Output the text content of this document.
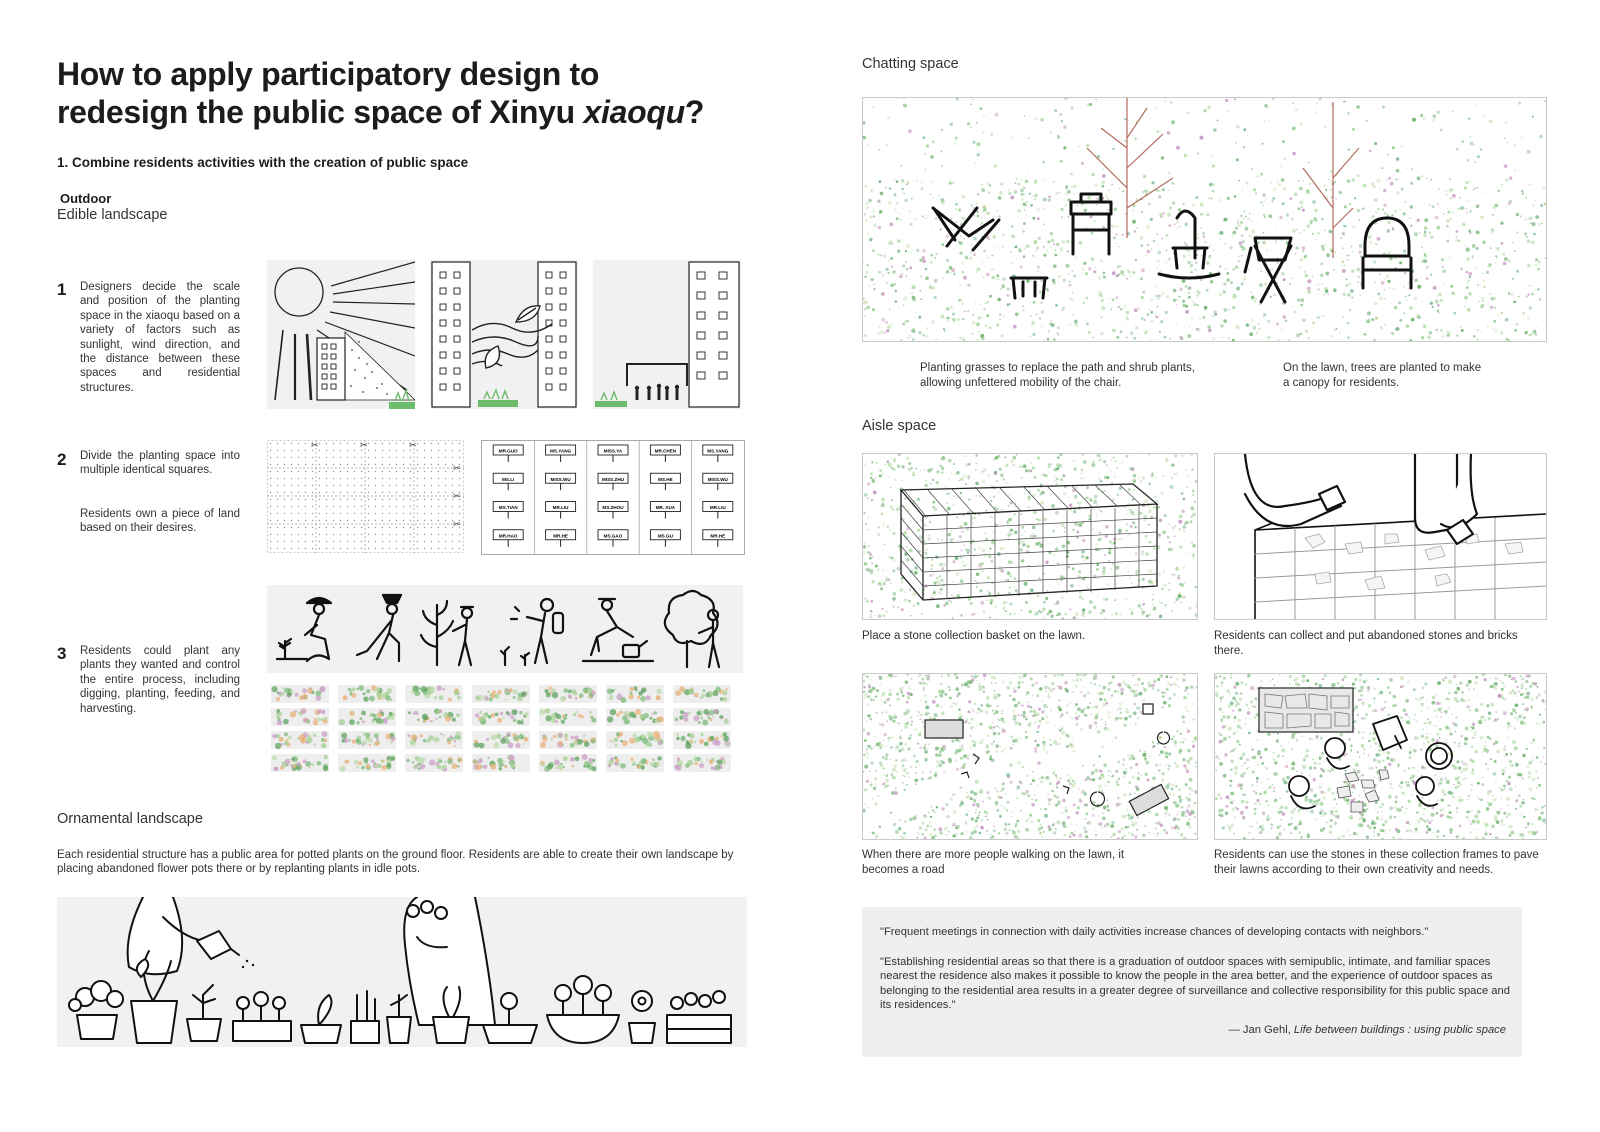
How to apply participatory design to
redesign the public space of Xinyu xiaoqu?
1. Combine residents activities with the creation of public space
Outdoor
Edible landscape
1 Designers decide the scale and position of the planting space in the xiaoqu based on a variety of factors such as sunlight, wind direction, and the distance between these spaces and residential structures.
2 Divide the planting space into multiple identical squares.
Residents own a piece of land based on their desires.
✂	✂	✂
✂
✂
✂
MR.GUO	MS.YANG	MISS.YA	MR.CHEN	MS.YANG
MS.LI	MISS.WU	MISS.ZHU	MS.HE	MISS.WU
MS.TIAN	MR.LIU	MS.ZHOU	MR. XUA	MR.LIU
MR.HAO	MR.HE	MS.GAO	MS.GU	MR.HE
3 Residents could plant any plants they wanted and control the entire process, including digging, planting, feeding, and harvesting.
Ornamental landscape
Each residential structure has a public area for potted plants on the ground floor. Residents are able to create their own landscape by placing abandoned flower pots there or by replanting plants in idle pots.
Chatting space
Planting grasses to replace the path and shrub plants, allowing unfettered mobility of the chair.
On the lawn, trees are planted to make a canopy for residents.
Aisle space
Place a stone collection basket on the lawn.	Residents can collect and put abandoned stones and bricks there.
When there are more people walking on the lawn, it becomes a road
Residents can use the stones in these collection frames to pave their lawns according to their own creativity and needs.
"Frequent meetings in connection with daily activities increase chances of developing contacts with neighbors."
"Establishing residential areas so that there is a graduation of outdoor spaces with semipublic, intimate, and familiar spaces nearest the residence also makes it possible to know the people in the area better, and the experience of outdoor spaces as belonging to the residential area results in a greater degree of surveillance and collective responsibility for this public space and its residences."
— Jan Gehl, Life between buildings : using public space
